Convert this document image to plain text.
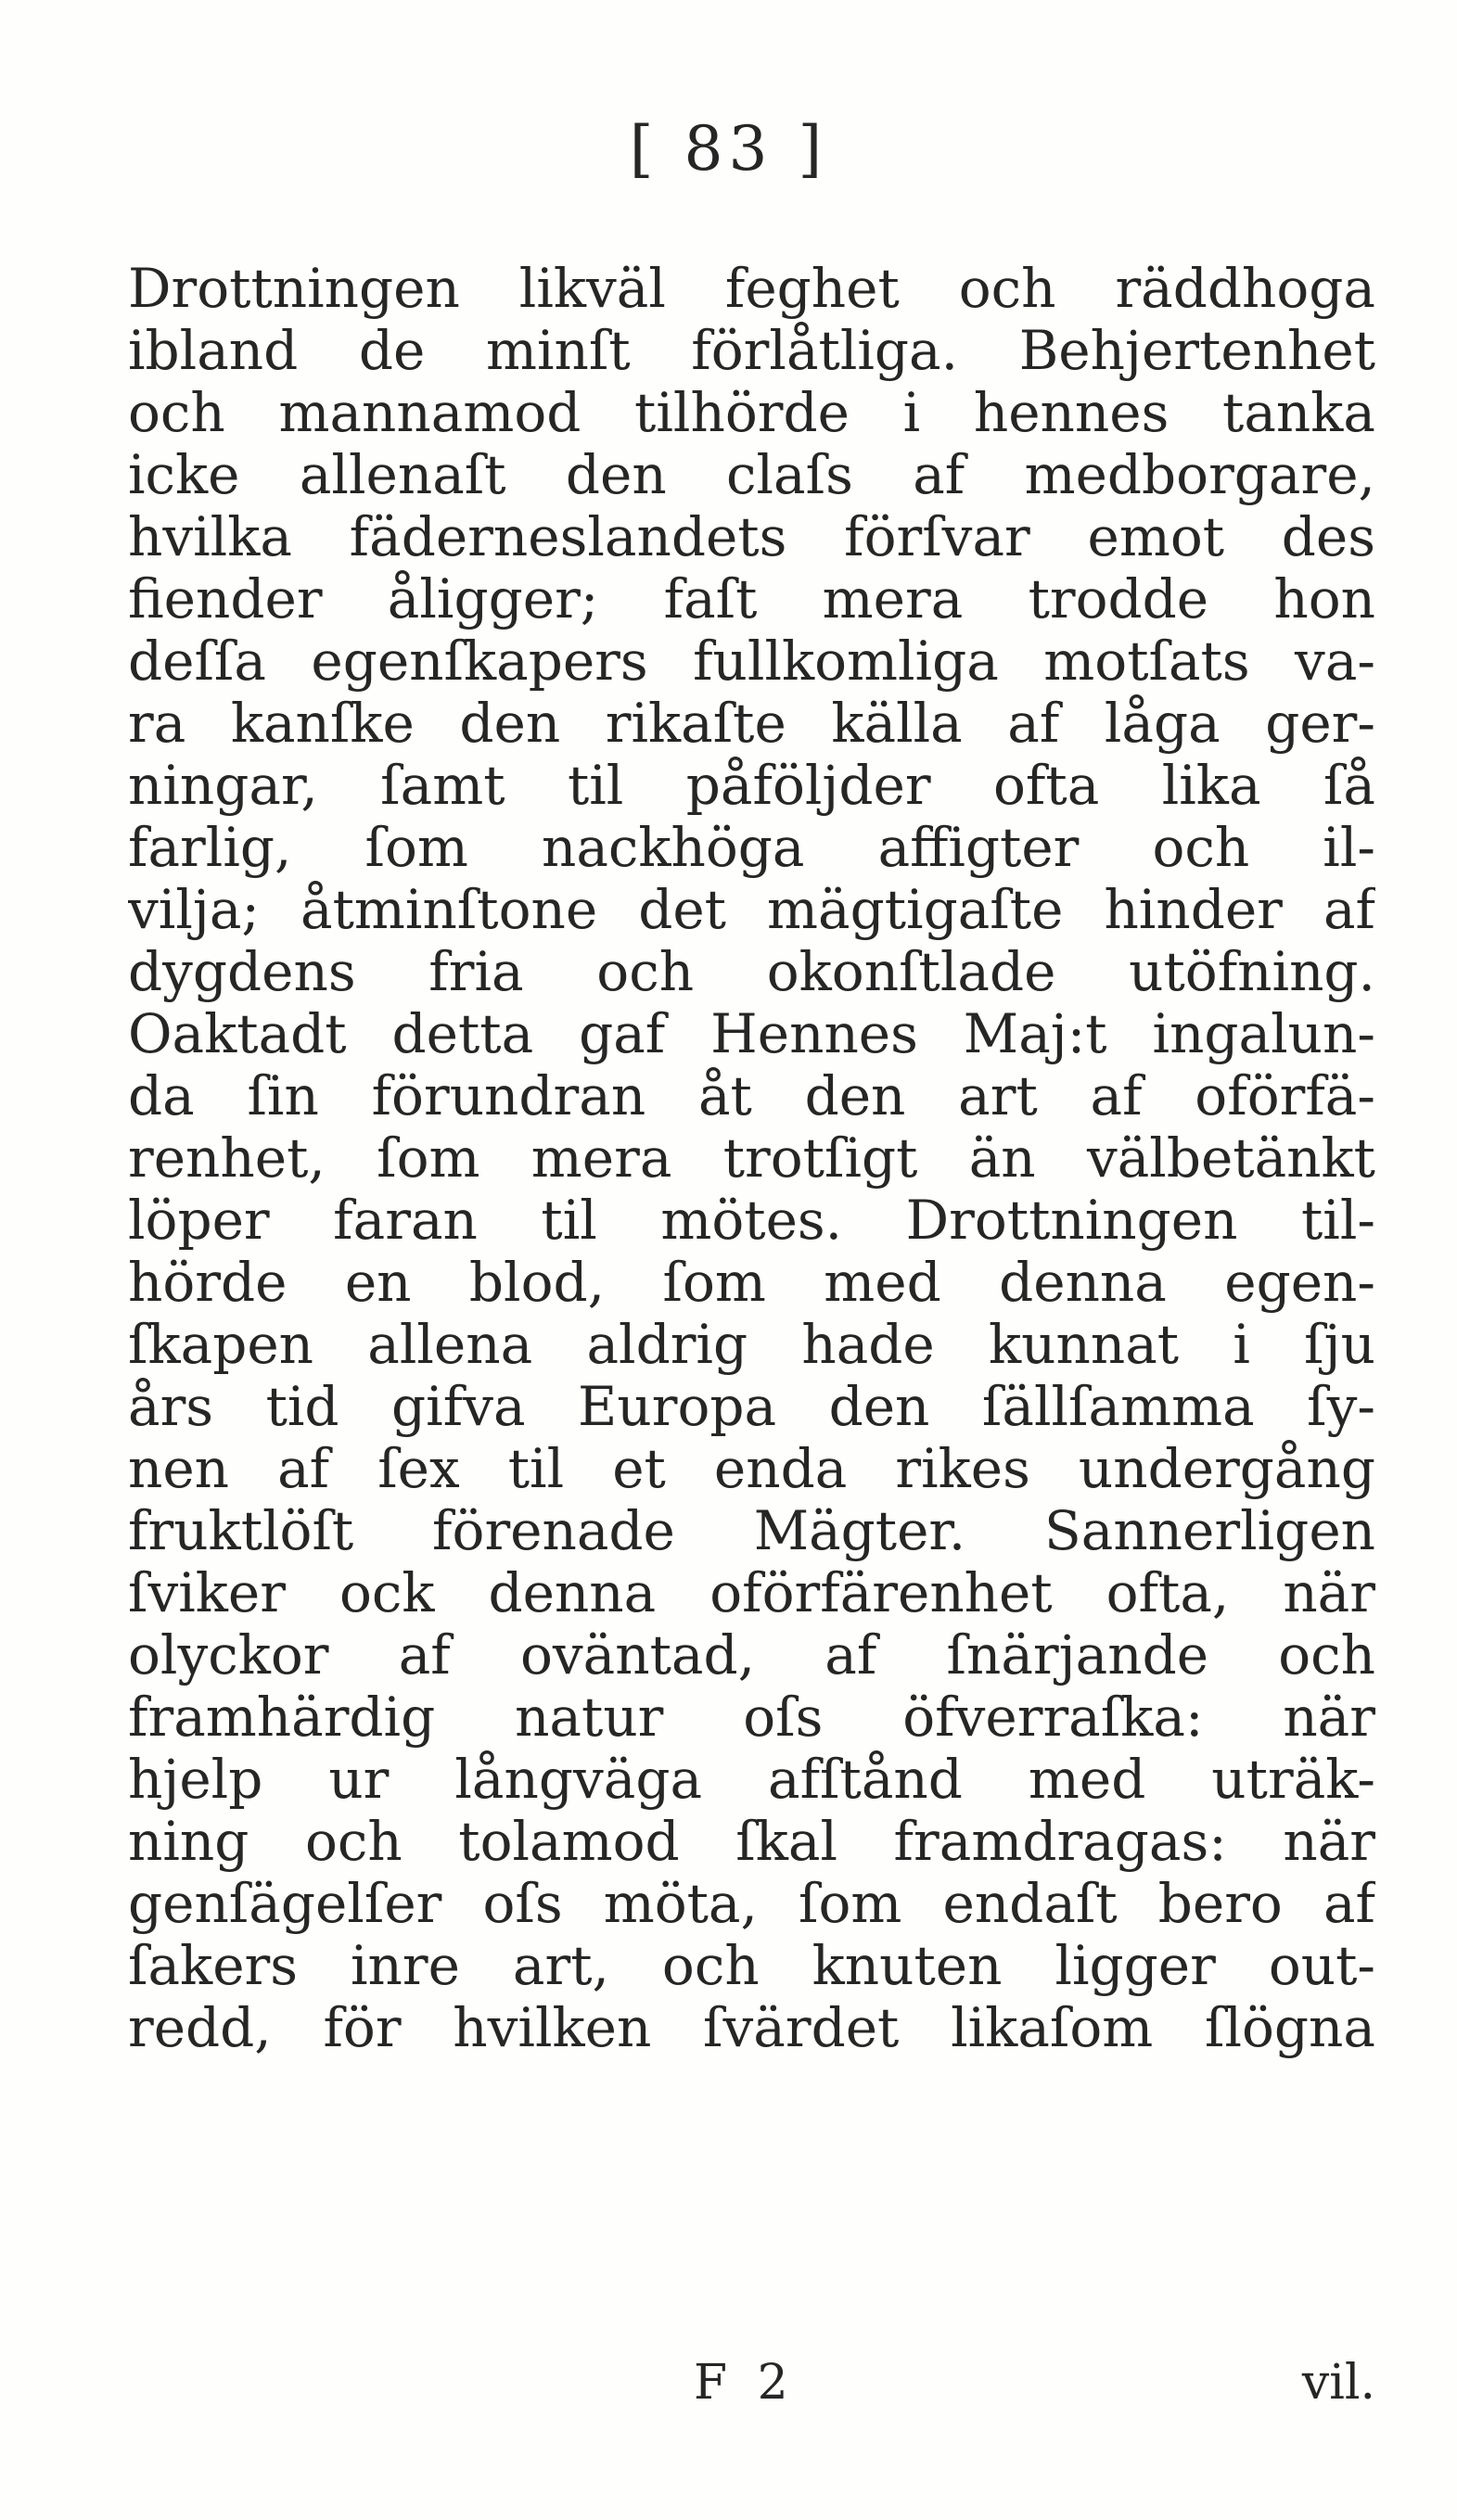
[ 83 ]
Drottningen likväl feghet och räddhoga
ibland de minſt förlåtliga. Behjertenhet
och mannamod tilhörde i hennes tanka
icke allenaſt den claſs af medborgare,
hvilka fäderneslandets förſvar emot des
fiender åligger; faſt mera trodde hon
deſſa egenſkapers fullkomliga motſats va-
ra kanſke den rikaſte källa af låga ger-
ningar, ſamt til påföljder ofta lika ſå
farlig, ſom nackhöga affigter och il-
vilja; åtminſtone det mägtigaſte hinder af
dygdens fria och okonſtlade utöfning.
Oaktadt detta gaf Hennes Maj:t ingalun-
da ſin förundran åt den art af oförfä-
renhet, ſom mera trotſigt än välbetänkt
löper faran til mötes. Drottningen til-
hörde en blod, ſom med denna egen-
ſkapen allena aldrig hade kunnat i ſju
års tid gifva Europa den ſällſamma ſy-
nen af ſex til et enda rikes undergång
fruktlöſt förenade Mägter. Sannerligen
ſviker ock denna oförfärenhet ofta, när
olyckor af oväntad, af ſnärjande och
framhärdig natur oſs öfverraſka: när
hjelp ur långväga afſtånd med uträk-
ning och tolamod ſkal framdragas: när
genſägelſer oſs möta, ſom endaſt bero af
ſakers inre art, och knuten ligger out-
redd, för hvilken ſvärdet likaſom ſlögna
F 2	vil.
